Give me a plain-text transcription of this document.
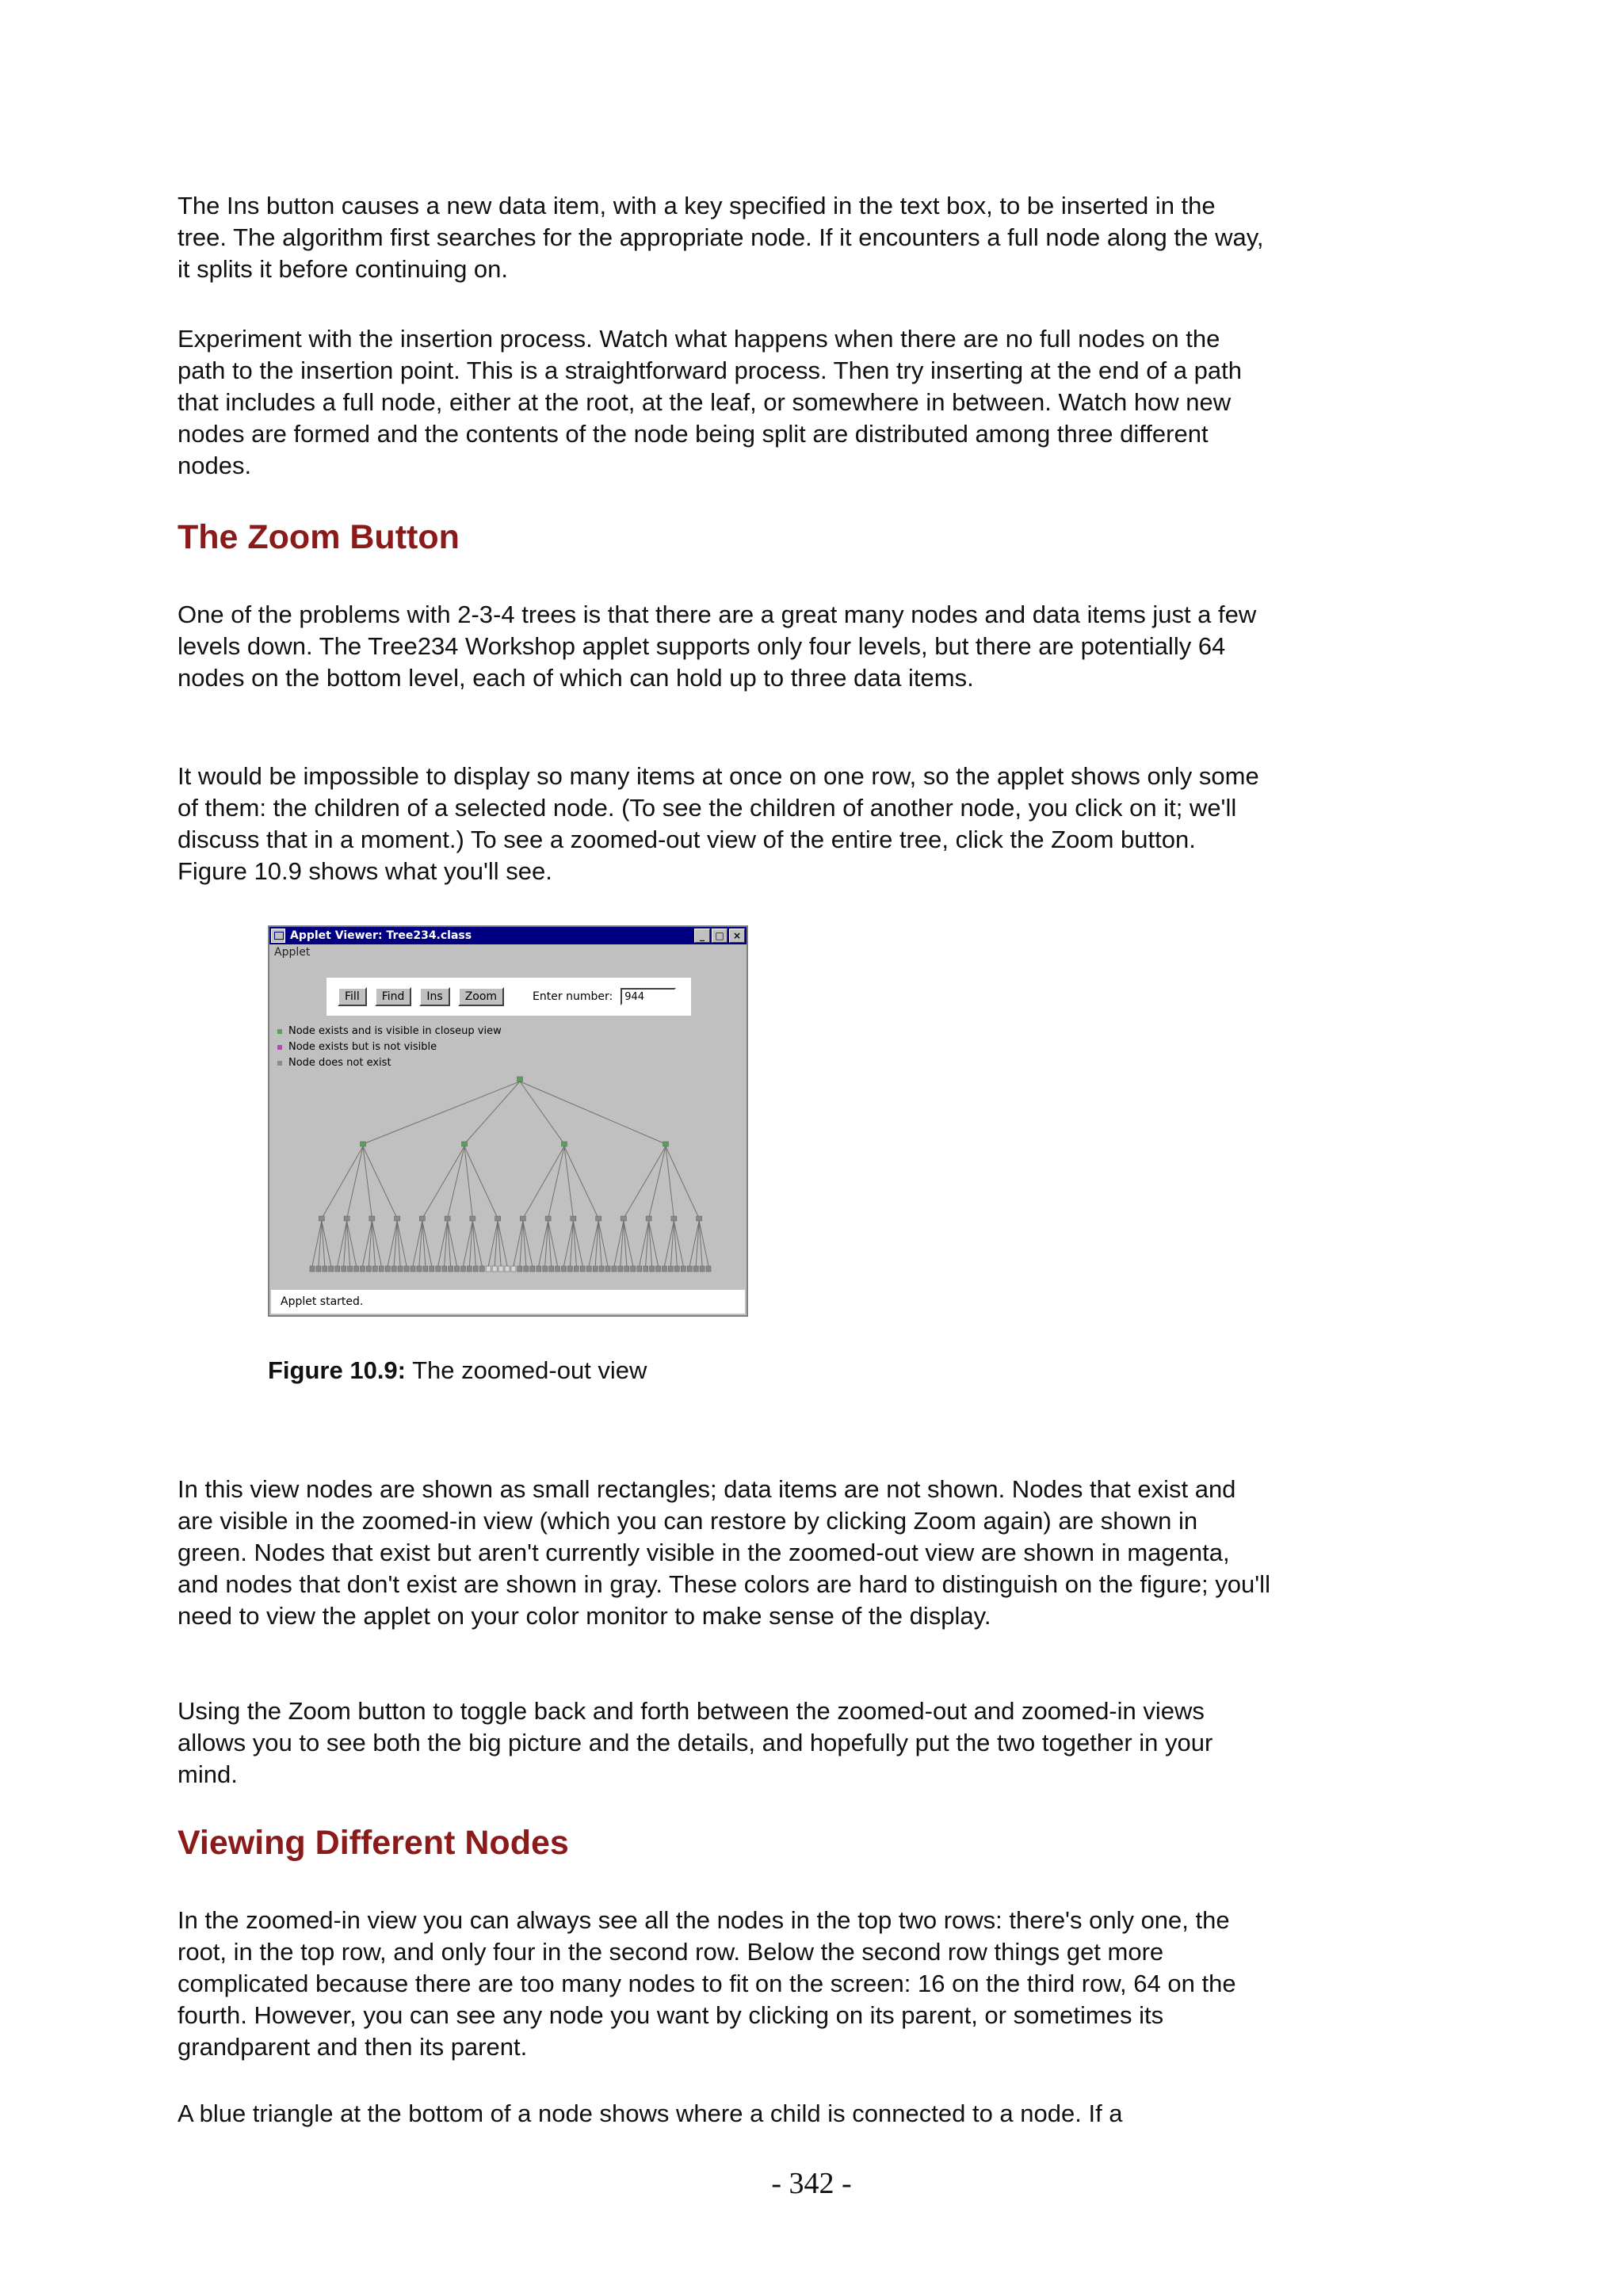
The Ins button causes a new data item, with a key specified in the text box, to be inserted in the tree. The algorithm first searches for the appropriate node. If it encounters a full node along the way, it splits it before continuing on.

Experiment with the insertion process. Watch what happens when there are no full nodes on the path to the insertion point. This is a straightforward process. Then try inserting at the end of a path that includes a full node, either at the root, at the leaf, or somewhere in between. Watch how new nodes are formed and the contents of the node being split are distributed among three different nodes.

The Zoom Button

One of the problems with 2-3-4 trees is that there are a great many nodes and data items just a few levels down. The Tree234 Workshop applet supports only four levels, but there are potentially 64 nodes on the bottom level, each of which can hold up to three data items.

It would be impossible to display so many items at once on one row, so the applet shows only some of them: the children of a selected node. (To see the children of another node, you click on it; we'll discuss that in a moment.) To see a zoomed-out view of the entire tree, click the Zoom button. Figure 10.9 shows what you'll see.

In this view nodes are shown as small rectangles; data items are not shown. Nodes that exist and are visible in the zoomed-in view (which you can restore by clicking Zoom again) are shown in green. Nodes that exist but aren't currently visible in the zoomed-out view are shown in magenta, and nodes that don't exist are shown in gray. These colors are hard to distinguish on the figure; you'll need to view the applet on your color monitor to make sense of the display.

Using the Zoom button to toggle back and forth between the zoomed-out and zoomed-in views allows you to see both the big picture and the details, and hopefully put the two together in your mind.

Viewing Different Nodes

In the zoomed-in view you can always see all the nodes in the top two rows: there's only one, the root, in the top row, and only four in the second row. Below the second row things get more complicated because there are too many nodes to fit on the screen: 16 on the third row, 64 on the fourth. However, you can see any node you want by clicking on its parent, or sometimes its grandparent and then its parent.

A blue triangle at the bottom of a node shows where a child is connected to a node. If a

Applet Viewer: Tree234.class	_	□ ×
Applet
Fill	Find	Ins	Zoom	Enter number:
944
Node exists and is visible in closeup view
Node exists but is not visible
Node does not exist
Applet started.
Figure 10.9: The zoomed-out view
- 342 -
